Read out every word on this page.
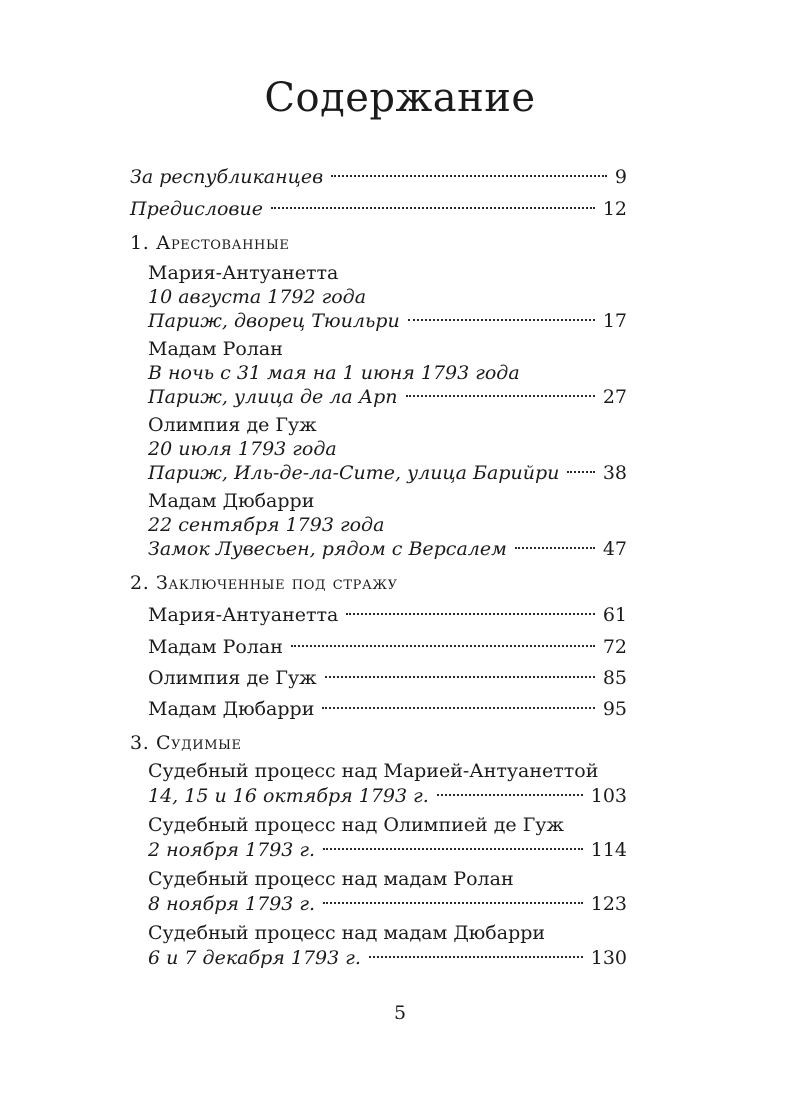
Содержание
За республиканцев	9
Предисловие	12
1. Арестованные
Мария-Антуанетта
10 августа 1792 года
Париж, дворец Тюильри	17
Мадам Ролан
В ночь с 31 мая на 1 июня 1793 года
Париж, улица де ла Арп	27
Олимпия де Гуж
20 июля 1793 года
Париж, Иль-де-ла-Сите, улица Барийри 38
Мадам Дюбарри
22 сентября 1793 года
Замок Лувесьен, рядом с Версалем	47
2. Заключенные под стражу
Мария-Антуанетта	61
Мадам Ролан	72
Олимпия де Гуж	85
Мадам Дюбарри	95
3. Судимые
Судебный процесс над Марией-Антуанеттой
14, 15 и 16 октября 1793 г.	103
Судебный процесс над Олимпией де Гуж
2 ноября 1793 г.	114
Судебный процесс над мадам Ролан
8 ноября 1793 г.	123
Судебный процесс над мадам Дюбарри
6 и 7 декабря 1793 г.	130
5
